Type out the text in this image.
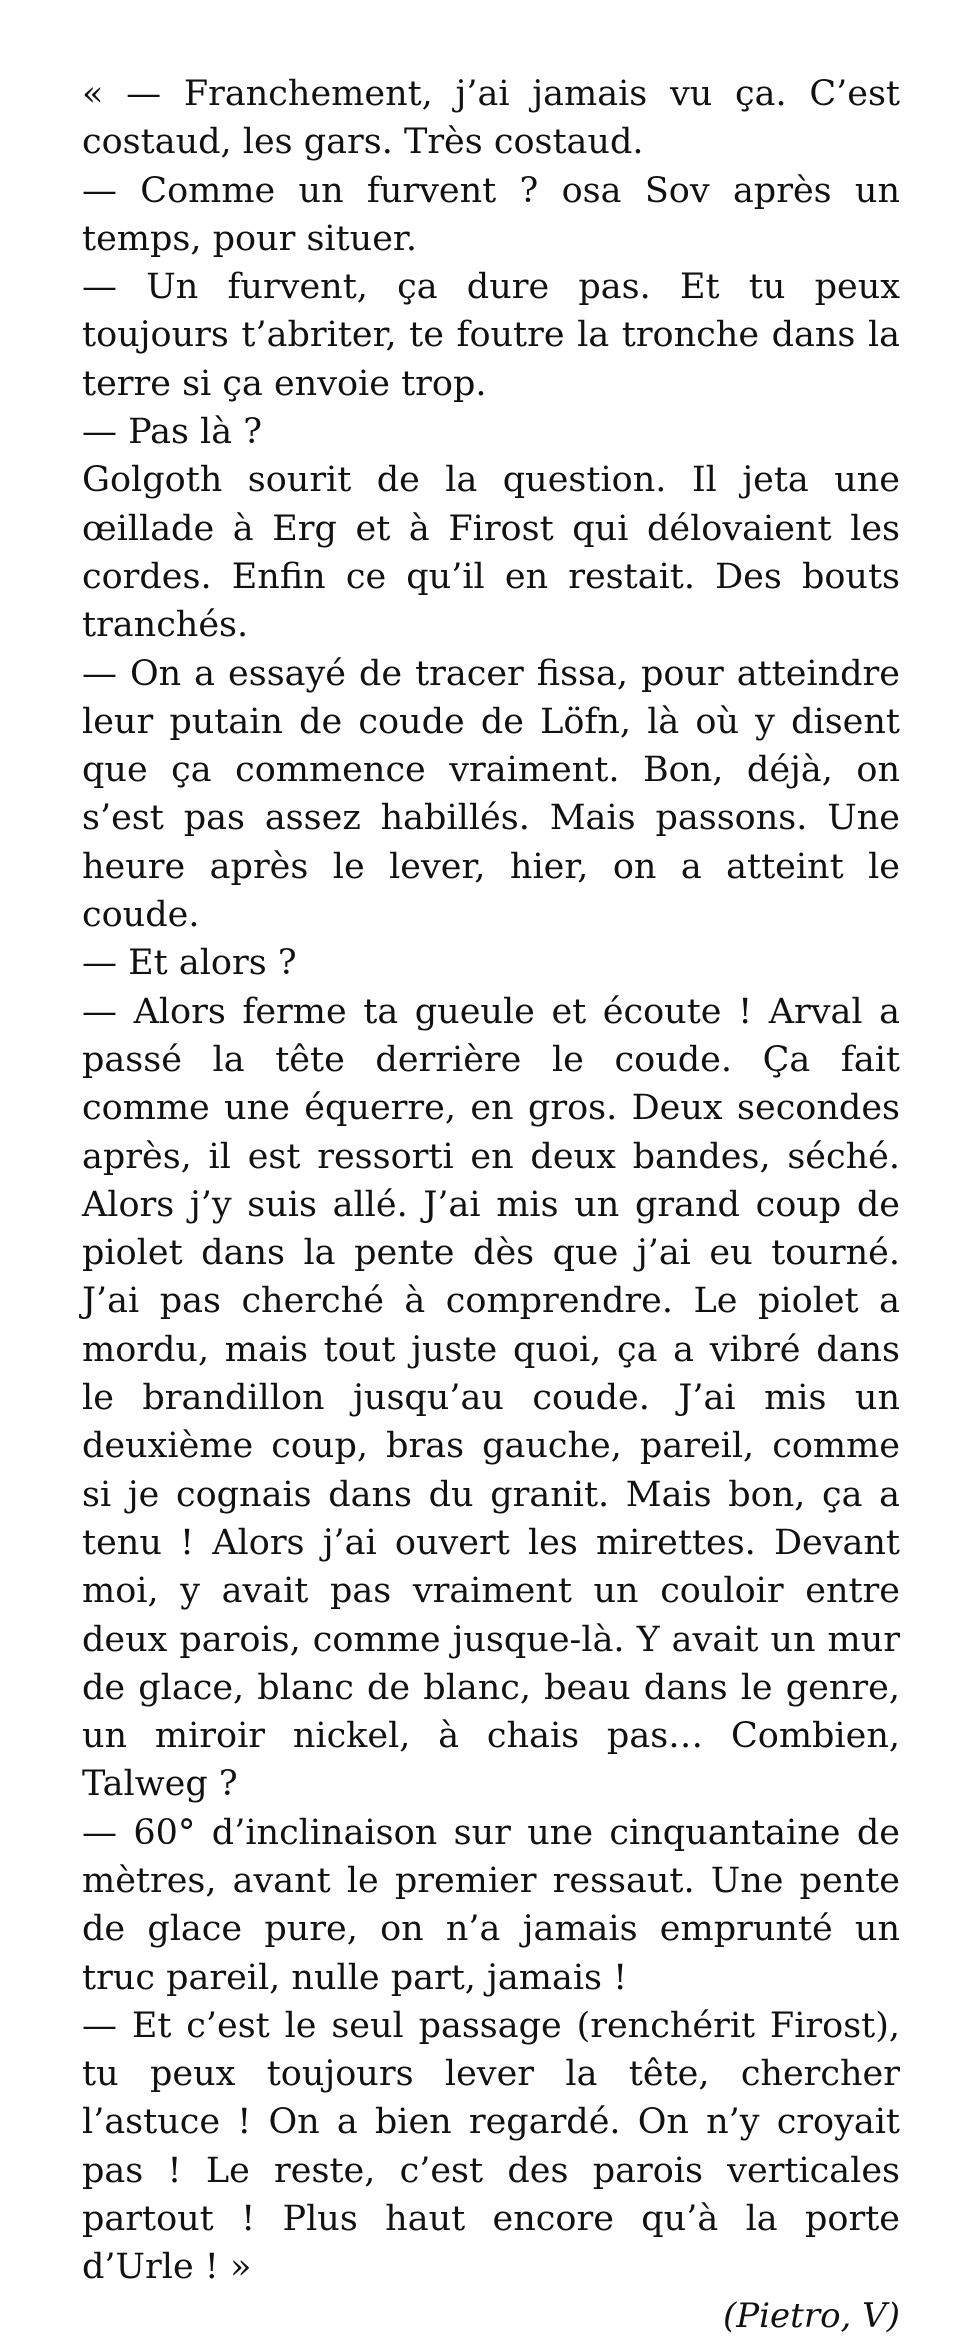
« — Franchement, j’ai jamais vu ça. C’est costaud, les gars. Très costaud.

— Comme un furvent ? osa Sov après un temps, pour situer.

— Un furvent, ça dure pas. Et tu peux toujours t’abriter, te foutre la tronche dans la terre si ça envoie trop.

— Pas là ?

Golgoth sourit de la question. Il jeta une œillade à Erg et à Firost qui délovaient les cordes. Enfin ce qu’il en restait. Des bouts tranchés.

— On a essayé de tracer fissa, pour atteindre leur putain de coude de Löfn, là où y disent que ça commence vraiment. Bon, déjà, on s’est pas assez habillés. Mais passons. Une heure après le lever, hier, on a atteint le coude.

— Et alors ?

— Alors ferme ta gueule et écoute ! Arval a passé la tête derrière le coude. Ça fait comme une équerre, en gros. Deux secondes après, il est ressorti en deux bandes, séché. Alors j’y suis allé. J’ai mis un grand coup de piolet dans la pente dès que j’ai eu tourné. J’ai pas cherché à comprendre. Le piolet a mordu, mais tout juste quoi, ça a vibré dans le brandillon jusqu’au coude. J’ai mis un deuxième coup, bras gauche, pareil, comme si je cognais dans du granit. Mais bon, ça a tenu ! Alors j’ai ouvert les mirettes. Devant moi, y avait pas vraiment un couloir entre deux parois, comme jusque-là. Y avait un mur de glace, blanc de blanc, beau dans le genre, un miroir nickel, à chais pas… Combien, Talweg ?

— 60° d’inclinaison sur une cinquantaine de mètres, avant le premier ressaut. Une pente de glace pure, on n’a jamais emprunté un truc pareil, nulle part, jamais !

— Et c’est le seul passage (renchérit Firost), tu peux toujours lever la tête, chercher l’astuce ! On a bien regardé. On n’y croyait pas ! Le reste, c’est des parois verticales partout ! Plus haut encore qu’à la porte d’Urle ! »

(Pietro, V)
